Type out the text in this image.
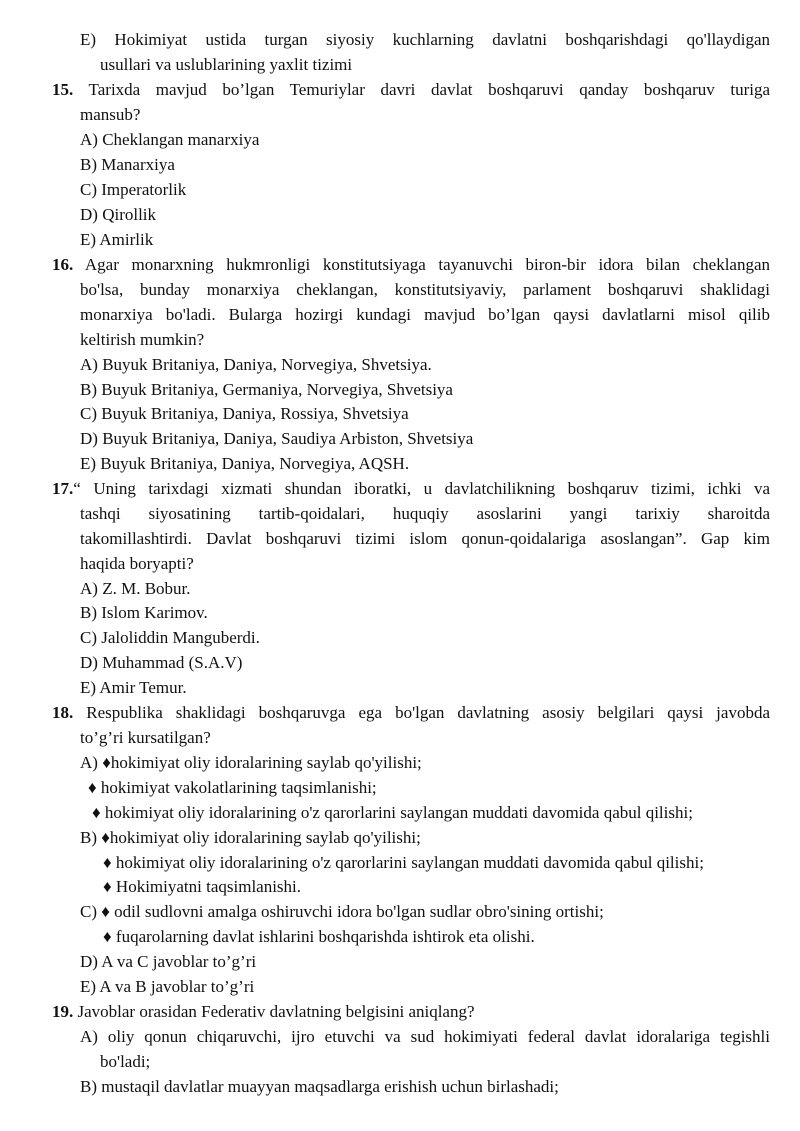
E) Hokimiyat ustida turgan siyosiy kuchlarning davlatni boshqarishdagi qo'llaydigan
usullari va uslublarining yaxlit tizimi
15. Tarixda mavjud bo’lgan Temuriylar davri davlat boshqaruvi qanday boshqaruv turiga
mansub?
A) Cheklangan manarxiya
B) Manarxiya
C) Imperatorlik
D) Qirollik
E) Amirlik
16. Agar monarxning hukmronligi konstitutsiyaga tayanuvchi biron-bir idora bilan cheklangan
bo'lsa, bunday monarxiya cheklangan, konstitutsiyaviy, parlament boshqaruvi shaklidagi
monarxiya bo'ladi. Bularga hozirgi kundagi mavjud bo’lgan qaysi davlatlarni misol qilib
keltirish mumkin?
A) Buyuk Britaniya, Daniya, Norvegiya, Shvetsiya.
B) Buyuk Britaniya, Germaniya, Norvegiya, Shvetsiya
C) Buyuk Britaniya, Daniya, Rossiya, Shvetsiya
D) Buyuk Britaniya, Daniya, Saudiya Arbiston, Shvetsiya
E) Buyuk Britaniya, Daniya, Norvegiya, AQSH.
17.“ Uning tarixdagi xizmati shundan iboratki, u davlatchilikning boshqaruv tizimi, ichki va
tashqi siyosatining tartib-qoidalari, huquqiy asoslarini yangi tarixiy sharoitda
takomillashtirdi. Davlat boshqaruvi tizimi islom qonun-qoidalariga asoslangan”. Gap kim
haqida boryapti?
A) Z. M. Bobur.
B) Islom Karimov.
C) Jaloliddin Manguberdi.
D) Muhammad (S.A.V)
E) Amir Temur.
18. Respublika shaklidagi boshqaruvga ega bo'lgan davlatning asosiy belgilari qaysi javobda
to’g’ri kursatilgan?
A) ♦hokimiyat oliy idoralarining saylab qo'yilishi;
♦ hokimiyat vakolatlarining taqsimlanishi;
♦ hokimiyat oliy idoralarining o'z qarorlarini saylangan muddati davomida qabul qilishi;
B) ♦hokimiyat oliy idoralarining saylab qo'yilishi;
♦ hokimiyat oliy idoralarining o'z qarorlarini saylangan muddati davomida qabul qilishi;
♦ Hokimiyatni taqsimlanishi.
C) ♦ odil sudlovni amalga oshiruvchi idora bo'lgan sudlar obro'sining ortishi;
♦ fuqarolarning davlat ishlarini boshqarishda ishtirok eta olishi.
D) A va C javoblar to’g’ri
E) A va B javoblar to’g’ri
19. Javoblar orasidan Federativ davlatning belgisini aniqlang?
A) oliy qonun chiqaruvchi, ijro etuvchi va sud hokimiyati federal davlat idoralariga tegishli
bo'ladi;
B) mustaqil davlatlar muayyan maqsadlarga erishish uchun birlashadi;
